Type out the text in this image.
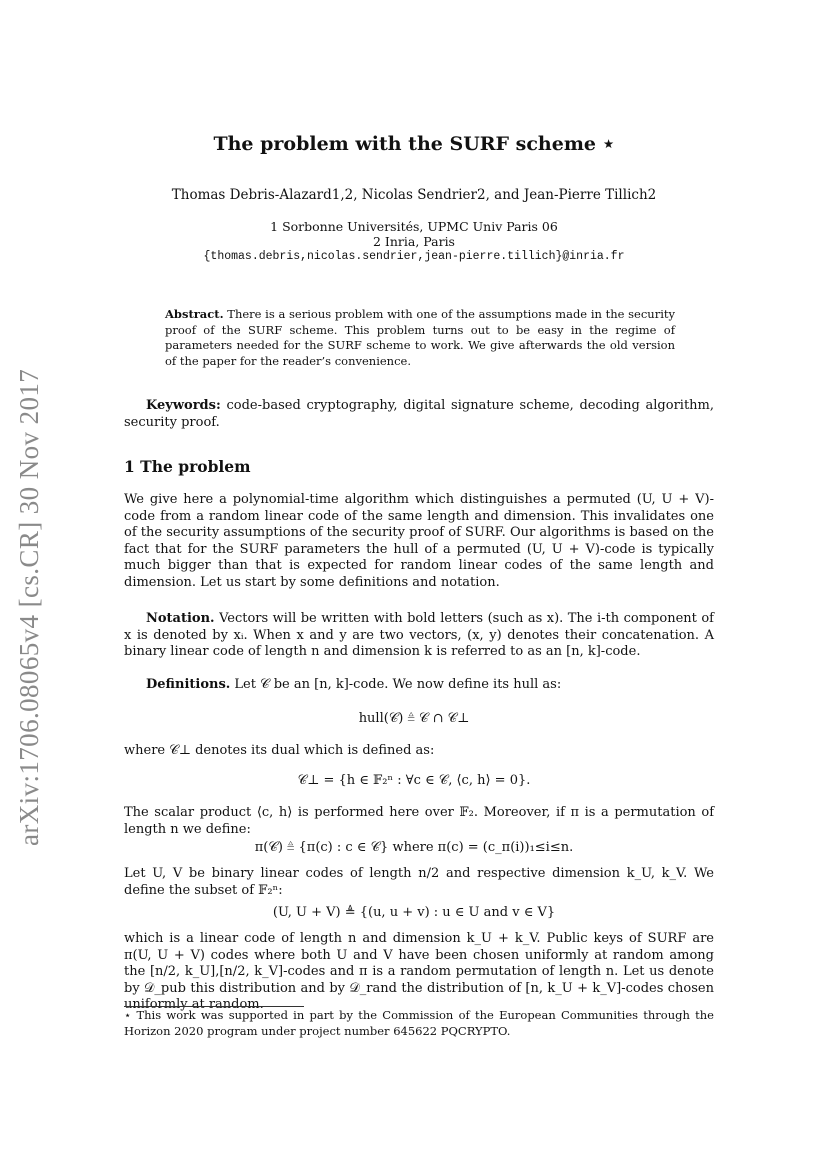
arXiv:1706.08065v4 [cs.CR] 30 Nov 2017
The problem with the SURF scheme ⋆
Thomas Debris-Alazard1,2, Nicolas Sendrier2, and Jean-Pierre Tillich2
1 Sorbonne Universités, UPMC Univ Paris 06
2 Inria, Paris
{thomas.debris,nicolas.sendrier,jean-pierre.tillich}@inria.fr
Abstract. There is a serious problem with one of the assumptions made in the security proof of the SURF scheme. This problem turns out to be easy in the regime of parameters needed for the SURF scheme to work. We give afterwards the old version of the paper for the reader’s convenience.
Keywords: code-based cryptography, digital signature scheme, decoding algorithm, security proof.
1 The problem
We give here a polynomial-time algorithm which distinguishes a permuted (U, U + V)-code from a random linear code of the same length and dimension. This invalidates one of the security assumptions of the security proof of SURF. Our algorithms is based on the fact that for the SURF parameters the hull of a permuted (U, U + V)-code is typically much bigger than that is expected for random linear codes of the same length and dimension. Let us start by some definitions and notation.
Notation. Vectors will be written with bold letters (such as x). The i-th component of x is denoted by xᵢ. When x and y are two vectors, (x, y) denotes their concatenation. A binary linear code of length n and dimension k is referred to as an [n, k]-code.
Definitions. Let 𝒞 be an [n, k]-code. We now define its hull as:
hull(𝒞) ≜ 𝒞 ∩ 𝒞⊥
where 𝒞⊥ denotes its dual which is defined as:
𝒞⊥ = {h ∈ 𝔽₂ⁿ : ∀c ∈ 𝒞, ⟨c, h⟩ = 0}.
The scalar product ⟨c, h⟩ is performed here over 𝔽₂. Moreover, if π is a permutation of length n we define:
π(𝒞) ≜ {π(c) : c ∈ 𝒞} where π(c) = (c_π(i))₁≤i≤n.
Let U, V be binary linear codes of length n/2 and respective dimension k_U, k_V. We define the subset of 𝔽₂ⁿ:
(U, U + V) ≜ {(u, u + v) : u ∈ U and v ∈ V}
which is a linear code of length n and dimension k_U + k_V. Public keys of SURF are π(U, U + V) codes where both U and V have been chosen uniformly at random among the [n/2, k_U],[n/2, k_V]-codes and π is a random permutation of length n. Let us denote by 𝒟_pub this distribution and by 𝒟_rand the distribution of [n, k_U + k_V]-codes chosen uniformly at random.
⋆ This work was supported in part by the Commission of the European Communities through the Horizon 2020 program under project number 645622 PQCRYPTO.
